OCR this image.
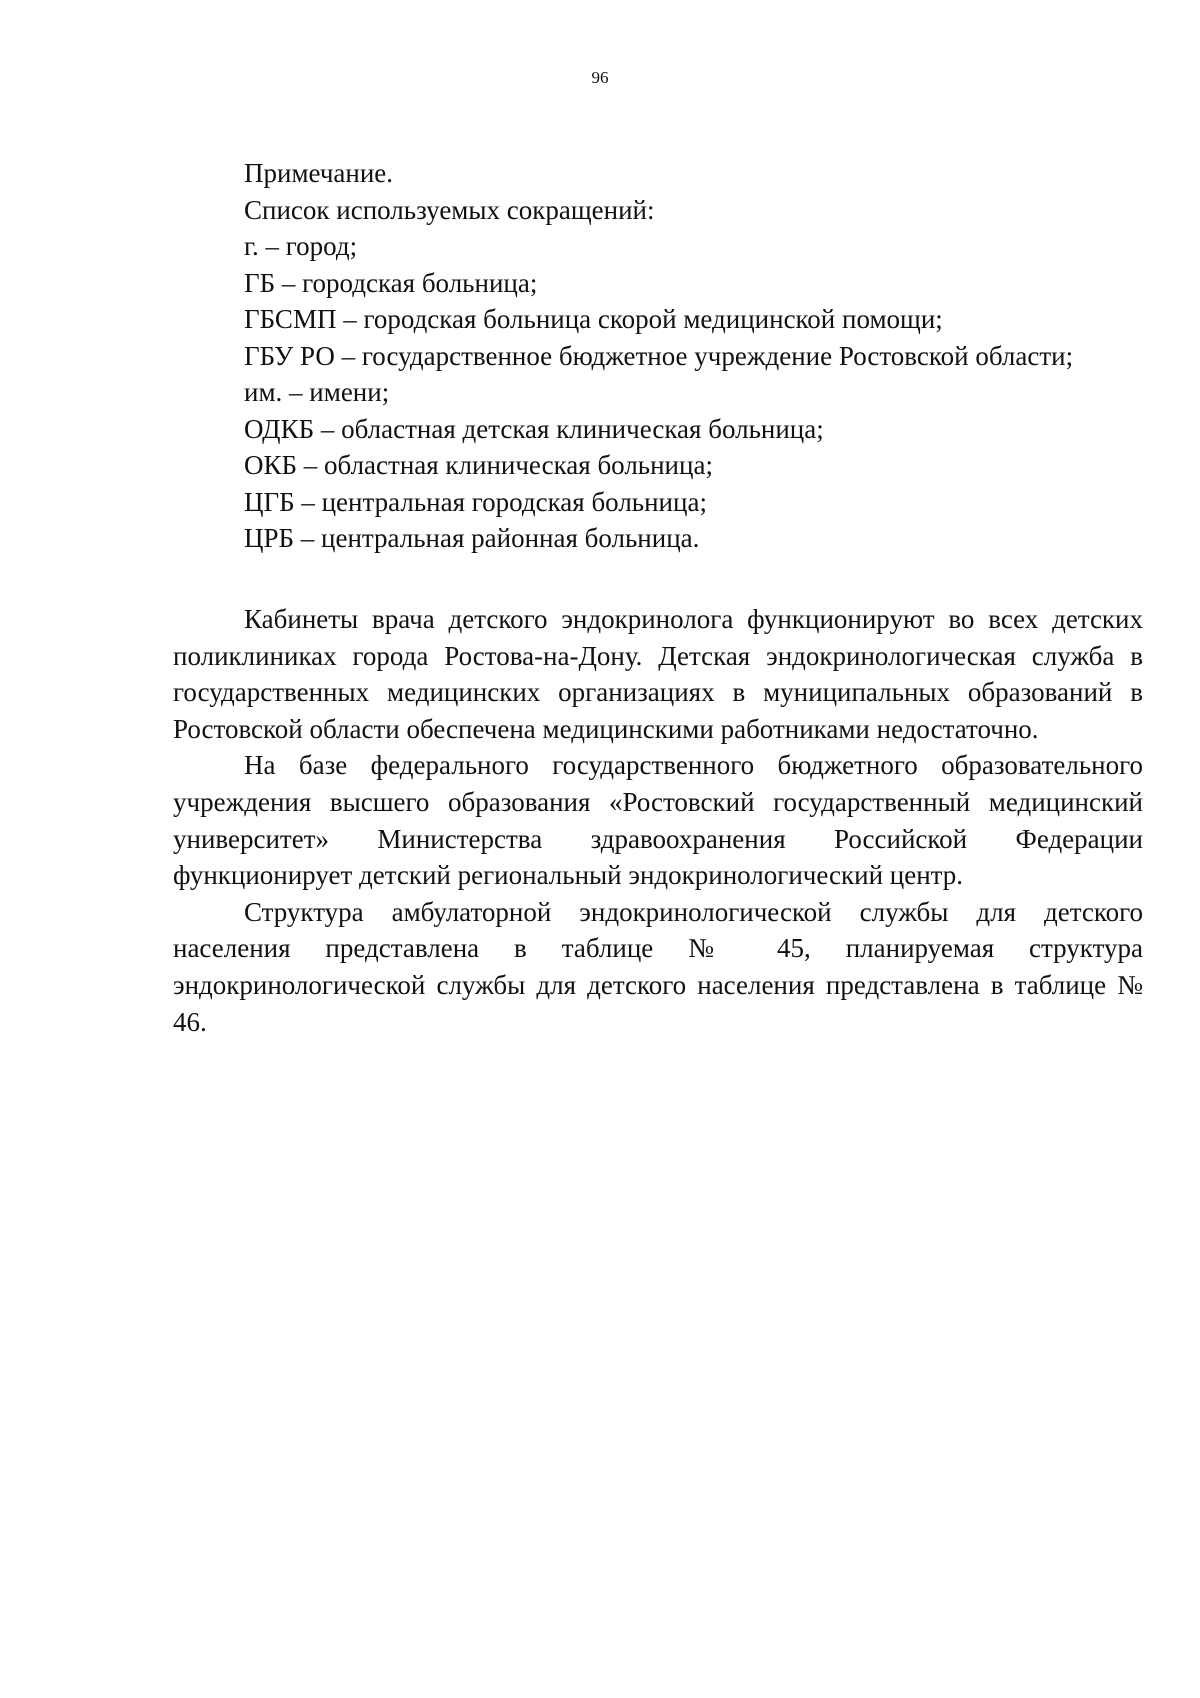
96
Примечание.
Список используемых сокращений:
г. – город;
ГБ – городская больница;
ГБСМП – городская больница скорой медицинской помощи;
ГБУ РО – государственное бюджетное учреждение Ростовской области;
им. – имени;
ОДКБ – областная детская клиническая больница;
ОКБ – областная клиническая больница;
ЦГБ – центральная городская больница;
ЦРБ – центральная районная больница.

Кабинеты врача детского эндокринолога функционируют во всех детских поликлиниках города Ростова-на-Дону. Детская эндокринологическая служба в государственных медицинских организациях в муниципальных образований в Ростовской области обеспечена медицинскими работниками недостаточно.

На базе федерального государственного бюджетного образовательного учреждения высшего образования «Ростовский государственный медицинский университет» Министерства здравоохранения Российской Федерации функционирует детский региональный эндокринологический центр.

Структура амбулаторной эндокринологической службы для детского населения представлена в таблице № 45, планируемая структура эндокринологической службы для детского населения представлена в таблице № 46.
